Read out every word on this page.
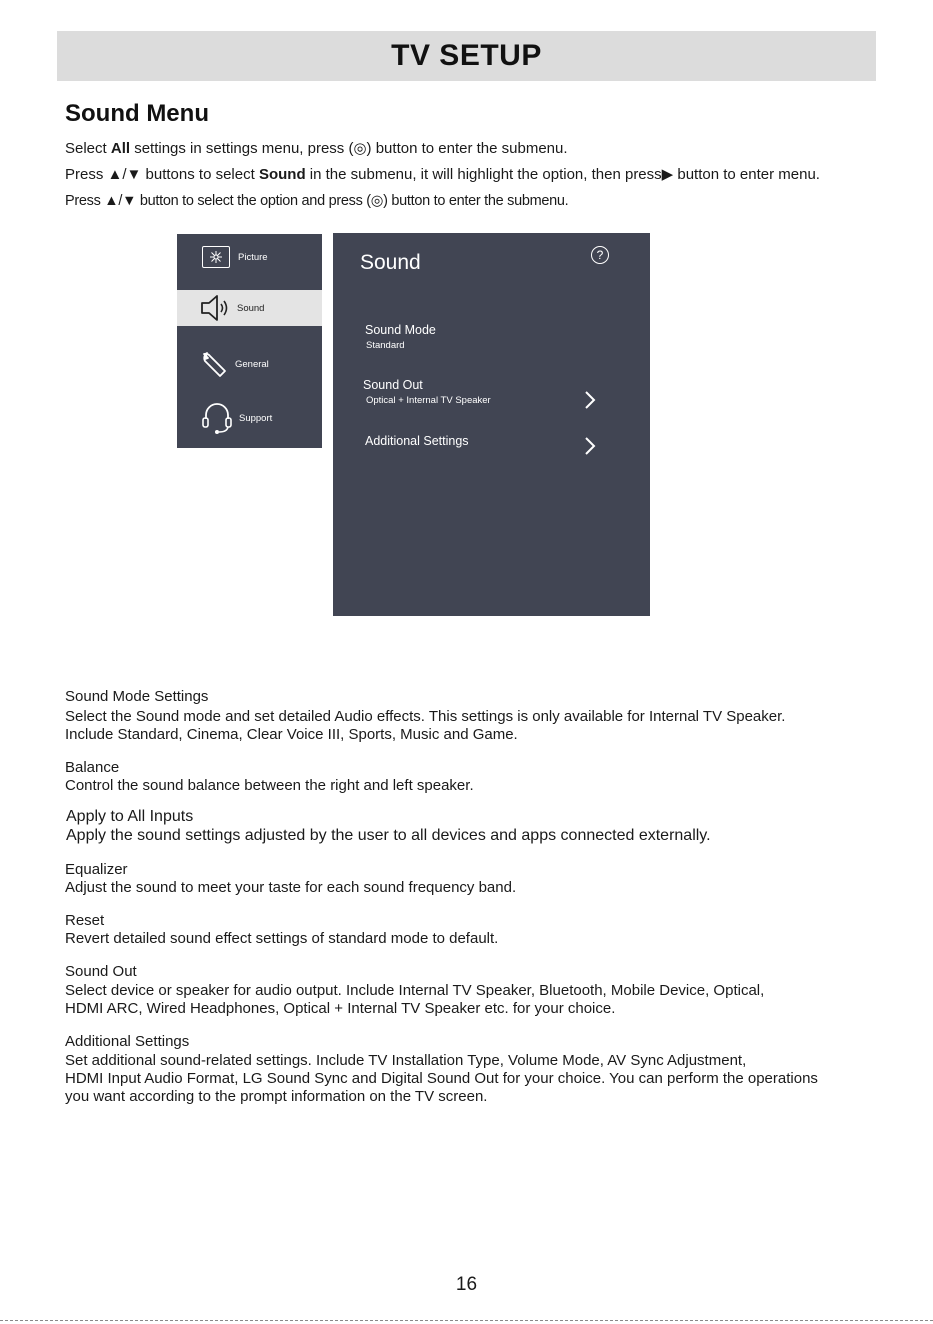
TV SETUP
Sound Menu
Select All settings in settings menu, press (◎) button to enter the submenu.
Press ▲/▼ buttons to select Sound in the submenu, it will highlight the option, then press▶ button to enter menu.
Press ▲/▼ button to select the option and press (◎) button to enter the submenu.
Picture
Sound
General
Support
Sound	?
Sound Mode
Standard
Sound Out
Optical + Internal TV Speaker
Additional Settings
Sound Mode Settings
Select the Sound mode and set detailed Audio effects. This settings is only available for Internal TV Speaker.
Include Standard, Cinema, Clear Voice III, Sports, Music and Game.
Balance
Control the sound balance between the right and left speaker.
Apply to All Inputs
Apply the sound settings adjusted by the user to all devices and apps connected externally.
Equalizer
Adjust the sound to meet your taste for each sound frequency band.
Reset
Revert detailed sound effect settings of standard mode to default.
Sound Out
Select device or speaker for audio output. Include Internal TV Speaker, Bluetooth, Mobile Device, Optical,
HDMI ARC, Wired Headphones, Optical + Internal TV Speaker etc. for your choice.
Additional Settings
Set additional sound-related settings. Include TV Installation Type, Volume Mode, AV Sync Adjustment,
HDMI Input Audio Format, LG Sound Sync and Digital Sound Out for your choice. You can perform the operations
you want according to the prompt information on the TV screen.
16
